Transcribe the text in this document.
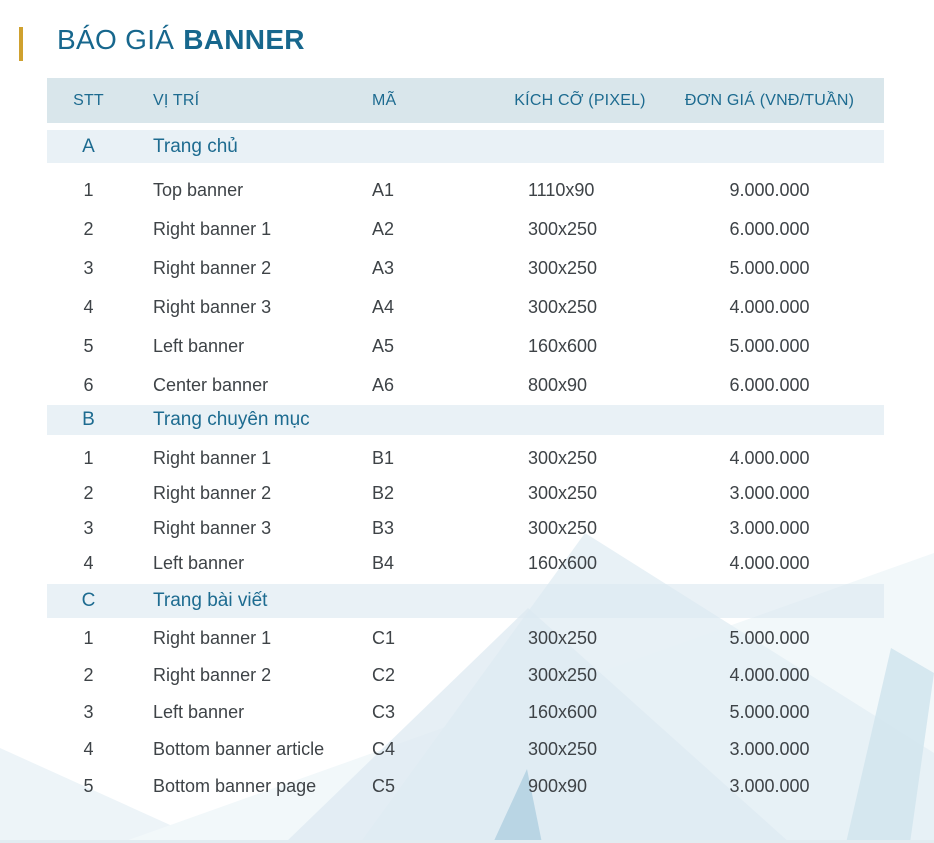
BÁO GIÁ BANNER
STT	VỊ TRÍ	MÃ	KÍCH CỠ (PIXEL)	ĐƠN GIÁ (VNĐ/TUẦN)
A	Trang chủ
1	Top banner	A1	1110x90	9.000.000
2	Right banner 1	A2	300x250	6.000.000
3	Right banner 2	A3	300x250	5.000.000
4	Right banner 3	A4	300x250	4.000.000
5	Left banner	A5	160x600	5.000.000
6	Center banner	A6	800x90	6.000.000
B	Trang chuyên mục
1	Right banner 1	B1	300x250	4.000.000
2	Right banner 2	B2	300x250	3.000.000
3	Right banner 3	B3	300x250	3.000.000
4	Left banner	B4	160x600	4.000.000
C	Trang bài viết
1	Right banner 1	C1	300x250	5.000.000
2	Right banner 2	C2	300x250	4.000.000
3	Left banner	C3	160x600	5.000.000
4	Bottom banner article	C4	300x250	3.000.000
5	Bottom banner page	C5	900x90	3.000.000
